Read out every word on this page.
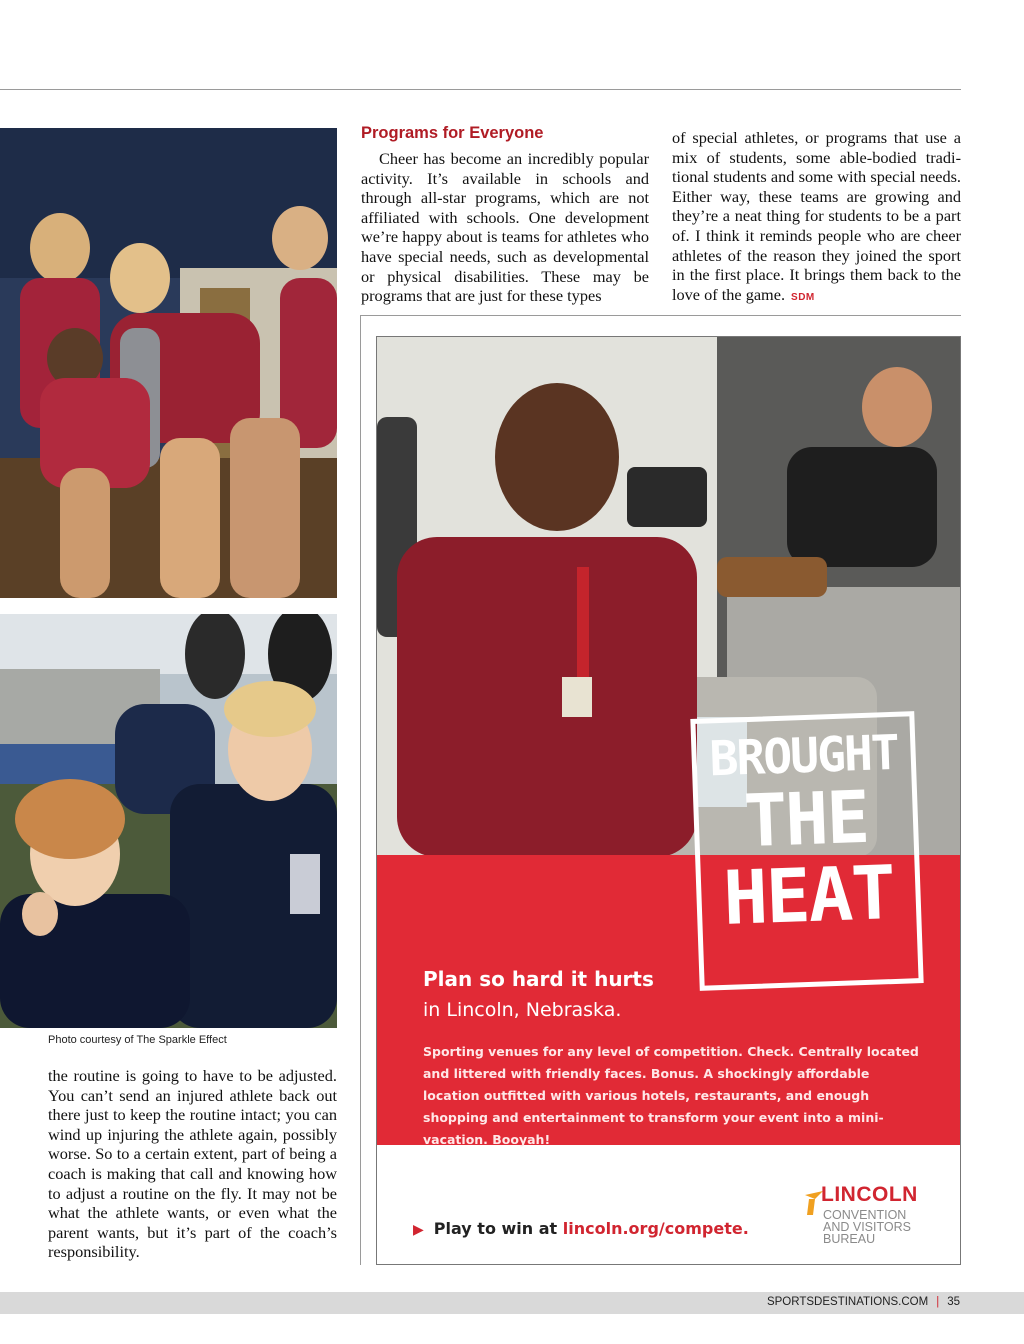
Photo courtesy of The Sparkle Effect

the routine is going to have to be adjusted. You can’t send an injured athlete back out there just to keep the routine intact; you can wind up injuring the athlete again, possibly worse. So to a certain extent, part of being a coach is making that call and knowing how to adjust a routine on the fly. It may not be what the athlete wants, or even what the parent wants, but it’s part of the coach’s responsibility.

Programs for Everyone

Cheer has become an incredibly popular activity. It’s available in schools and through all-star programs, which are not affiliated with schools. One development we’re happy about is teams for athletes who have special needs, such as developmental or physical disabilities. These may be programs that are just for these types

of special athletes, or programs that use a mix of students, some able-bodied traditional students and some with special needs. Either way, these teams are growing and they’re a neat thing for students to be a part of. I think it reminds people who are cheer athletes of the reason they joined the sport in the first place. It brings them back to the love of the game. SDM

BROUGHT
THE
HEAT
Plan so hard it hurts
in Lincoln, Nebraska.

Sporting venues for any level of competition. Check. Centrally located and littered with friendly faces. Bonus. A shockingly affordable location outfitted with various hotels, restaurants, and enough shopping and entertainment to transform your event into a mini-vacation. Booyah!

▶ Play to win at lincoln.org/compete.
LINCOLN
CONVENTION
AND VISITORS
BUREAU
SPORTSDESTINATIONS.COM | 35
